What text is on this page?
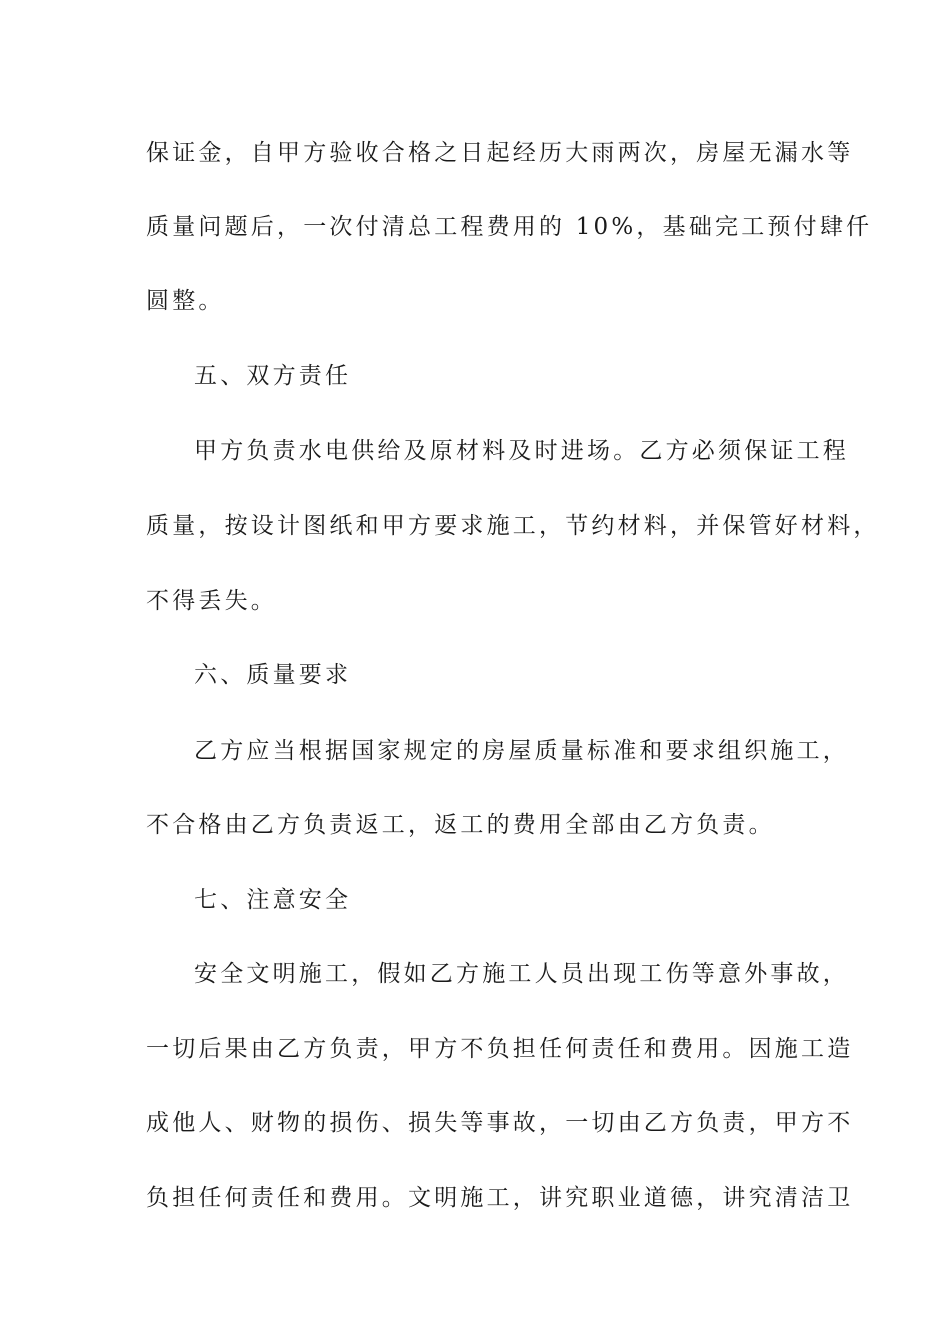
保证金，自甲方验收合格之日起经历大雨两次，房屋无漏水等
质量问题后，一次付清总工程费用的 10%，基础完工预付肆仟
圆整。
五、双方责任
甲方负责水电供给及原材料及时进场。乙方必须保证工程
质量，按设计图纸和甲方要求施工，节约材料，并保管好材料，
不得丢失。
六、质量要求
乙方应当根据国家规定的房屋质量标准和要求组织施工，
不合格由乙方负责返工，返工的费用全部由乙方负责。
七、注意安全
安全文明施工，假如乙方施工人员出现工伤等意外事故，
一切后果由乙方负责，甲方不负担任何责任和费用。因施工造
成他人、财物的损伤、损失等事故，一切由乙方负责，甲方不
负担任何责任和费用。文明施工，讲究职业道德，讲究清洁卫
